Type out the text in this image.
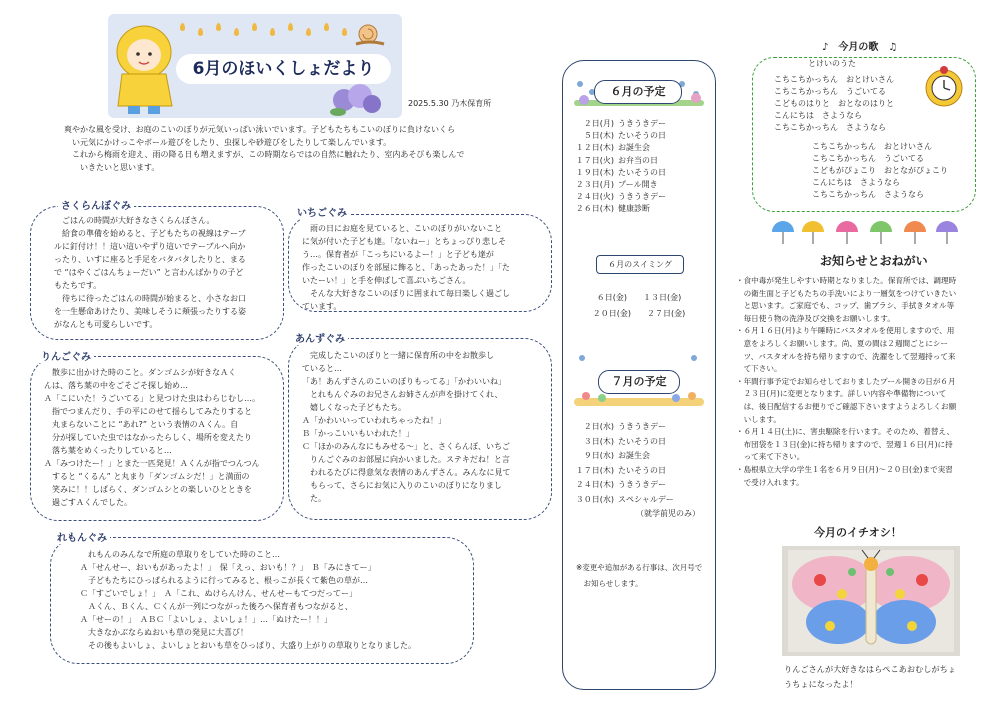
6月のほいくしょだより
2025.5.30 乃木保育所
爽やかな風を受け、お庭のこいのぼりが元気いっぱい泳いでいます。子どもたちもこいのぼりに負けないくら
　い元気にかけっこやボール遊びをしたり、虫探しや砂遊びをしたりして楽しんでいます。
　これから梅雨を迎え、雨の降る日も増えますが、この時期ならではの自然に触れたり、室内あそびも楽しんで
　　いきたいと思います。
さくらんぼぐみ
　ごはんの時間が大好きなさくらんぼさん。
　給食の準備を始めると、子どもたちの視線はテーブ
ルに釘付け！！這い這いやずり這いでテーブルへ向か
ったり、いすに座ると手足をバタバタしたりと、まる
で “はやくごはんちょーだい” と言わんばかりの子ど
もたちです。
　待ちに待ったごはんの時間が始まると、小さなお口
を一生懸命あけたり、美味しそうに頬張ったりする姿
がなんとも可愛らしいです。
いちごぐみ
　雨の日にお庭を見ていると、こいのぼりがいないこと
に気が付いた子ども達。「ないねー」とちょっぴり悲しそ
う…。保育者が「こっちにいるよー！」と子ども達が
作ったこいのぼりを部屋に飾ると、「あったあった！」「た
いたーい！」と手を伸ばして喜ぶいちごさん。
　そんな大好きなこいのぼりに囲まれて毎日楽しく過ごし
ています。
りんごぐみ
　散歩に出かけた時のこと。ダンゴムシが好きなＡく
んは、落ち葉の中をごそごそ探し始め…
Ａ「こにいた！うごいてる」と見つけた虫はわらじむし…。
　指でつまんだり、手の平にのせて揺らしてみたりすると
　丸まらないことに “あれ?” という表情のＡくん。自
　分が探していた虫ではなかったらしく、場所を変えたり
　落ち葉をめくったりしていると…
Ａ「みつけたー！」とまた一匹発見！Ａくんが指でつんつん
　すると “くるん” と丸まり「ダンゴムシだ！」と満面の
　笑みに！！しばらく、ダンゴムシとの楽しいひとときを
　過ごすＡくんでした。
あんずぐみ
　完成したこいのぼりと一緒に保育所の中をお散歩し
ていると…
「あ！あんずさんのこいのぼりもってる」「かわいいね」
　とれもんぐみのお兄さんお姉さんが声を掛けてくれ、
　嬉しくなった子どもたち。
Ａ「かわいいっていわれちゃったね！」
Ｂ「かっこいいもいわれた！」
Ｃ「ほかのみんなにもみせる～」と、さくらんぼ、いちご
　りんごぐみのお部屋に向かいました。ステキだね！と言
　われるたびに得意気な表情のあんずさん。みんなに見て
　もらって、さらにお気に入りのこいのぼりになりまし
　た。
れもんぐみ
　れもんのみんなで所庭の草取りをしていた時のこと…
Ａ「せんせー、おいもがあったよ！」　保「えっ、おいも！？」　Ｂ「みにきてー」
　子どもたちにひっぱられるように行ってみると、根っこが長くて紫色の草が…
Ｃ「すごいでしょ！」　Ａ「これ、ぬけらんけん、せんせーもてつだってー」
　Ａくん、Ｂくん、Ｃくんが一列につながった後ろへ保育者もつながると、
Ａ「せーの！」　ＡＢＣ「よいしょ、よいしょ！」…「ぬけたー！！」
　大きなかぶならぬおいも草の発見に大喜び！
　その後もよいしょ、よいしょとおいも草をひっぱり、大盛り上がりの草取りとなりました。
６月の予定
２日(月) うきうきデー
５日(木) たいそうの日
１２日(木) お誕生会
１７日(火) お弁当の日
１９日(木) たいそうの日
２３日(月) プール開き
２４日(火) うきうきデー
２６日(木) 健康診断
６月のスイミング
６日(金)　　１３日(金)
２０日(金)　　２７日(金)
７月の予定
２日(水) うきうきデー
３日(木) たいそうの日
９日(水) お誕生会
１７日(木) たいそうの日
２４日(木) うきうきデー
３０日(水) スペシャルデー
（就学前児のみ）
※変更や追加がある行事は、次月号で
　お知らせします。
♪　今月の歌　♫
とけいのうた
こちこちかっちん　おとけいさん
こちこちかっちん　うごいてる
こどものはりと　おとなのはりと
こんにちは　さようなら
こちこちかっちん　さようなら
こちこちかっちん　おとけいさん
こちこちかっちん　うごいてる
こどもがぴょこり　おとながぴょこり
こんにちは　さようなら
こちこちかっちん　さようなら
お知らせとおねがい
・食中毒が発生しやすい時期となりました。保育所では、調理時
　の衛生面と子どもたちの手洗いにより一層気をつけていきたい
　と思います。ご家庭でも、コップ、歯ブラシ、手拭きタオル等
　毎日使う物の洗浄及び交換をお願いします。
・６月１６日(月)より午睡時にバスタオルを使用しますので、用
　意をよろしくお願いします。尚、夏の間は２週間ごとにシー
　ツ、バスタオルを持ち帰りますので、洗濯をして翌週持って来
　て下さい。
・年間行事予定でお知らせしておりましたプール開きの日が６月
　２３日(月)に変更となります。詳しい内容や準備物について
　は、後日配信するお便りでご確認下さいますようよろしくお願
　いします。
・６月１４日(土)に、害虫駆除を行います。そのため、着替え、
　布団袋を１３日(金)に持ち帰りますので、翌週１６日(月)に持
　って来て下さい。
・島根県立大学の学生１名を６月９日(月)～２０日(金)まで実習
　で受け入れます。
今月のイチオシ！
りんごさんが大好きなはらぺこあおむしがちょ
うちょになったよ！
